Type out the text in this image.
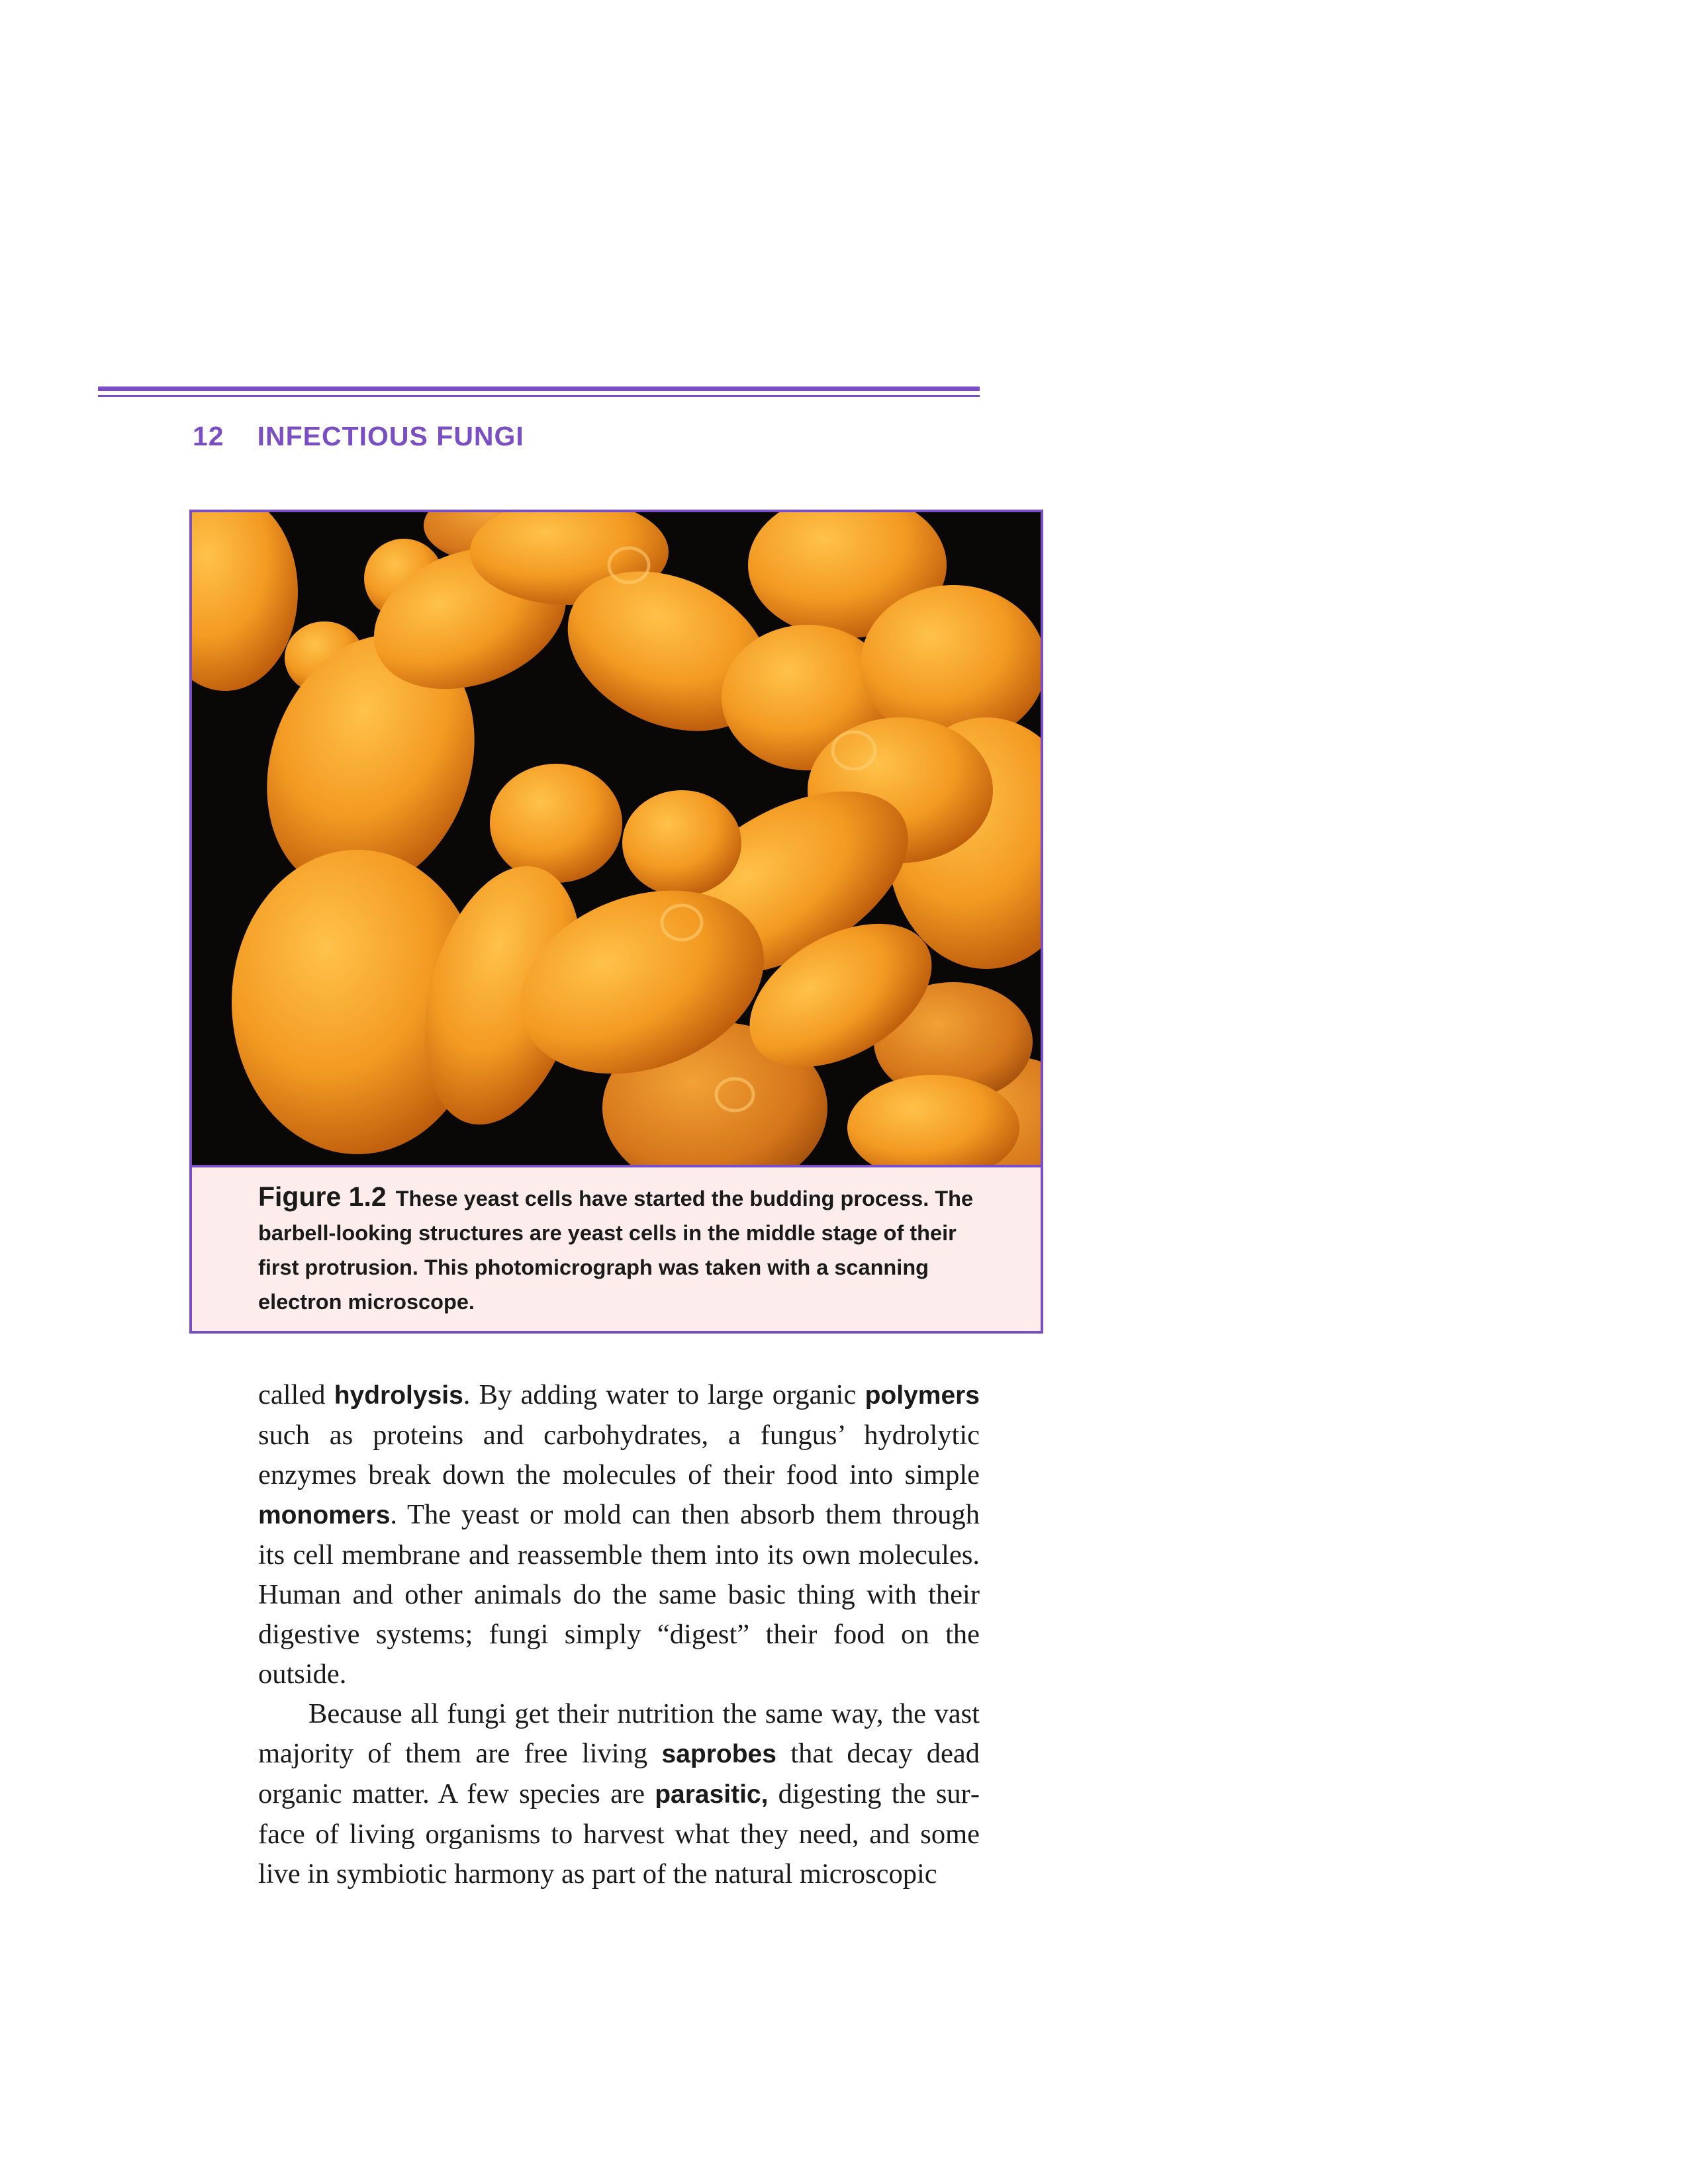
12 INFECTIOUS FUNGI

Figure 1.2 These yeast cells have started the budding process. The barbell-looking structures are yeast cells in the middle stage of their first protrusion. This photomicrograph was taken with a scanning electron microscope.

called hydrolysis. By adding water to large organic polymers such as proteins and carbohydrates, a fungus’ hydrolytic enzymes break down the molecules of their food into simple monomers. The yeast or mold can then absorb them through its cell membrane and reassemble them into its own molecules. Human and other animals do the same basic thing with their digestive systems; fungi simply “digest” their food on the outside.

Because all fungi get their nutrition the same way, the vast majority of them are free living saprobes that decay dead organic matter. A few species are parasitic, digesting the surface of living organisms to harvest what they need, and some live in symbiotic harmony as part of the natural microscopic
